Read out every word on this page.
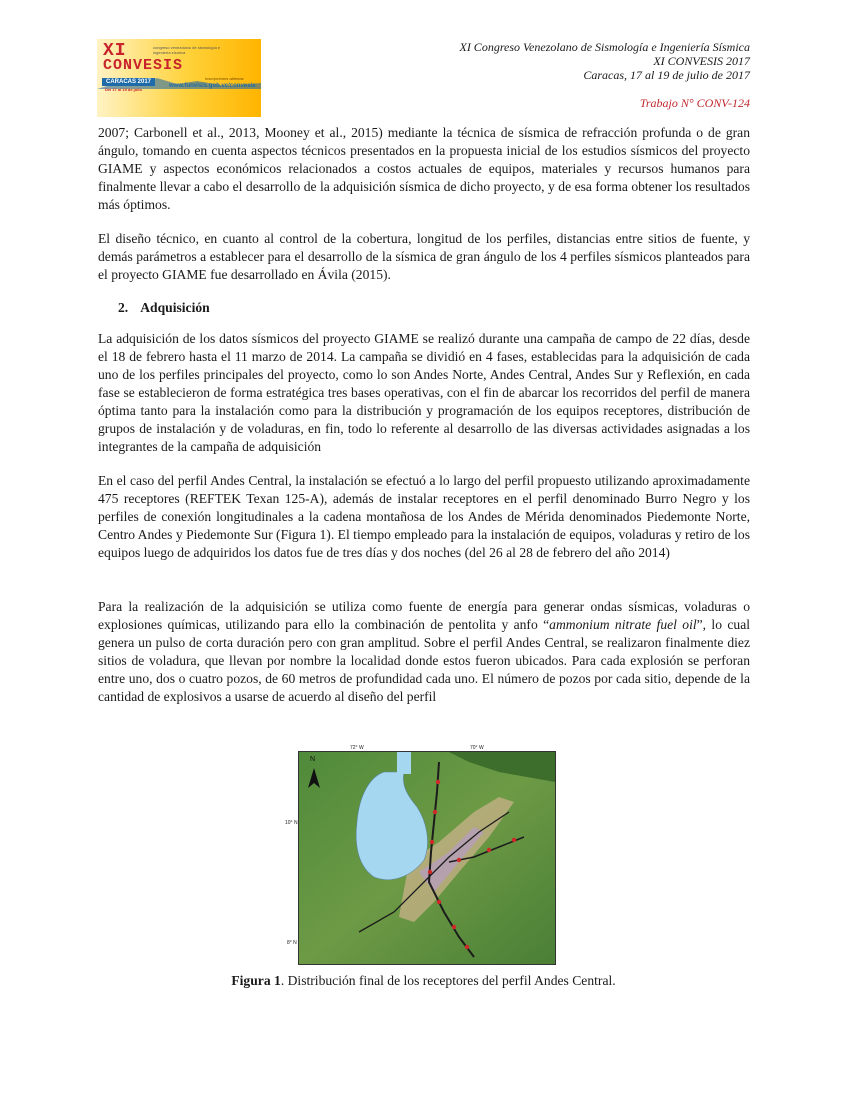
XI	congreso venezolano de sismología e ingeniería sísmica
CONVESIS
CARACAS 2017
Del 17 al 19 de julio
Inscripciones abiertas
www.funvisis.gob.ve/convesis
XI Congreso Venezolano de Sismología e Ingeniería Sísmica
XI CONVESIS 2017
Caracas, 17 al 19 de julio de 2017
Trabajo N° CONV-124

2007; Carbonell et al., 2013, Mooney et al., 2015) mediante la técnica de sísmica de refracción profunda o de gran ángulo, tomando en cuenta aspectos técnicos presentados en la propuesta inicial de los estudios sísmicos del proyecto GIAME y aspectos económicos relacionados a costos actuales de equipos, materiales y recursos humanos para finalmente llevar a cabo el desarrollo de la adquisición sísmica de dicho proyecto, y de esa forma obtener los resultados más óptimos.

El diseño técnico, en cuanto al control de la cobertura, longitud de los perfiles, distancias entre sitios de fuente, y demás parámetros a establecer para el desarrollo de la sísmica de gran ángulo de los 4 perfiles sísmicos planteados para el proyecto GIAME fue desarrollado en Ávila (2015).

2. Adquisición

La adquisición de los datos sísmicos del proyecto GIAME se realizó durante una campaña de campo de 22 días, desde el 18 de febrero hasta el 11 marzo de 2014. La campaña se dividió en 4 fases, establecidas para la adquisición de cada uno de los perfiles principales del proyecto, como lo son Andes Norte, Andes Central, Andes Sur y Reflexión, en cada fase se establecieron de forma estratégica tres bases operativas, con el fin de abarcar los recorridos del perfil de manera óptima tanto para la instalación como para la distribución y programación de los equipos receptores, distribución de grupos de instalación y de voladuras, en fin, todo lo referente al desarrollo de las diversas actividades asignadas a los integrantes de la campaña de adquisición

En el caso del perfil Andes Central, la instalación se efectuó a lo largo del perfil propuesto utilizando aproximadamente 475 receptores (REFTEK Texan 125-A), además de instalar receptores en el perfil denominado Burro Negro y los perfiles de conexión longitudinales a la cadena montañosa de los Andes de Mérida denominados Piedemonte Norte, Centro Andes y Piedemonte Sur (Figura 1). El tiempo empleado para la instalación de equipos, voladuras y retiro de los equipos luego de adquiridos los datos fue de tres días y dos noches (del 26 al 28 de febrero del año 2014)

Para la realización de la adquisición se utiliza como fuente de energía para generar ondas sísmicas, voladuras o explosiones químicas, utilizando para ello la combinación de pentolita y anfo “ammonium nitrate fuel oil”, lo cual genera un pulso de corta duración pero con gran amplitud. Sobre el perfil Andes Central, se realizaron finalmente diez sitios de voladura, que llevan por nombre la localidad donde estos fueron ubicados. Para cada explosión se perforan entre uno, dos o cuatro pozos, de 60 metros de profundidad cada uno. El número de pozos por cada sitio, depende de la cantidad de explosivos a usarse de acuerdo al diseño del perfil

72° W	70° W
10° N
8° N
N

Figura 1. Distribución final de los receptores del perfil Andes Central.
